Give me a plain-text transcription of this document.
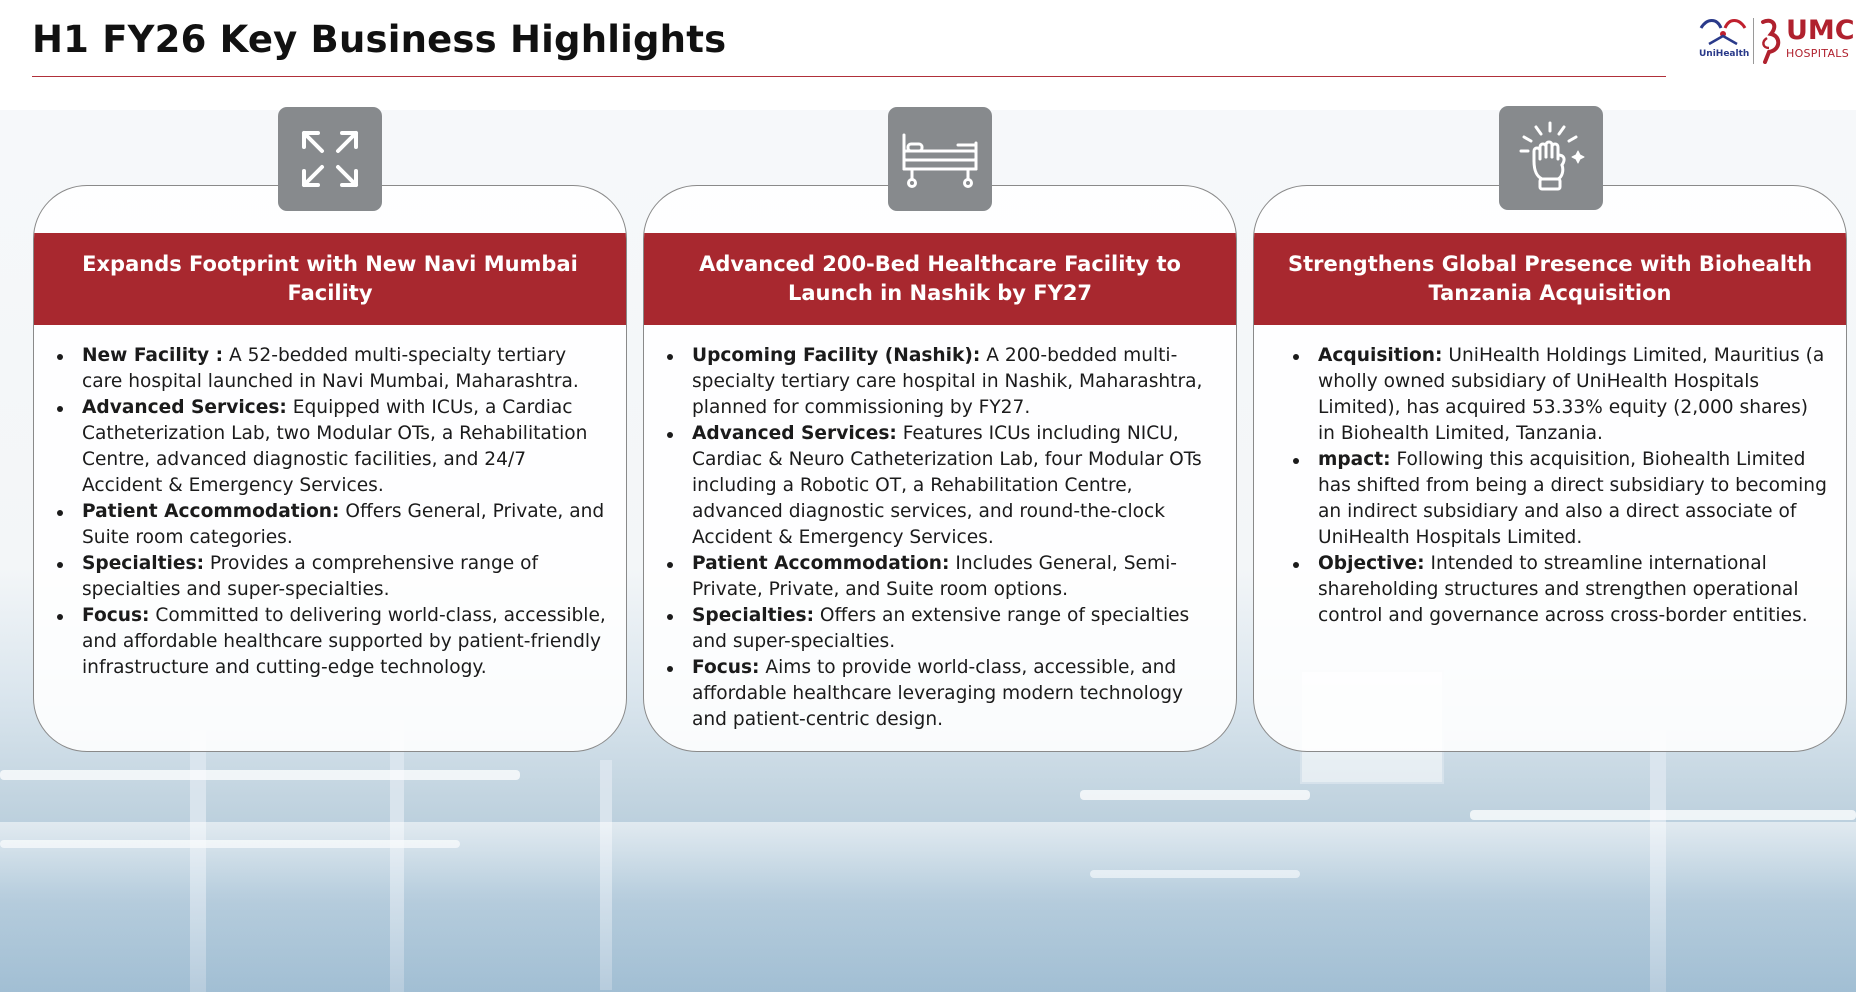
H1 FY26 Key Business Highlights	UniHealth
UMC
HOSPITALS
Expands Footprint with New Navi Mumbai Facility
New Facility : A 52-bedded multi-specialty tertiary care hospital launched in Navi Mumbai, Maharashtra.
Advanced Services: Equipped with ICUs, a Cardiac Catheterization Lab, two Modular OTs, a Rehabilitation Centre, advanced diagnostic facilities, and 24/7 Accident & Emergency Services.
Patient Accommodation: Offers General, Private, and Suite room categories.
Specialties: Provides a comprehensive range of specialties and super-specialties.
Focus: Committed to delivering world-class, accessible, and affordable healthcare supported by patient-friendly infrastructure and cutting-edge technology.
Advanced 200-Bed Healthcare Facility to Launch in Nashik by FY27
Upcoming Facility (Nashik): A 200-bedded multi-specialty tertiary care hospital in Nashik, Maharashtra, planned for commissioning by FY27.
Advanced Services: Features ICUs including NICU, Cardiac & Neuro Catheterization Lab, four Modular OTs including a Robotic OT, a Rehabilitation Centre, advanced diagnostic services, and round-the-clock Accident & Emergency Services.
Patient Accommodation: Includes General, Semi-Private, Private, and Suite room options.
Specialties: Offers an extensive range of specialties and super-specialties.
Focus: Aims to provide world-class, accessible, and affordable healthcare leveraging modern technology and patient-centric design.
Strengthens Global Presence with Biohealth Tanzania Acquisition
Acquisition: UniHealth Holdings Limited, Mauritius (a wholly owned subsidiary of UniHealth Hospitals Limited), has acquired 53.33% equity (2,000 shares) in Biohealth Limited, Tanzania.
mpact: Following this acquisition, Biohealth Limited has shifted from being a direct subsidiary to becoming an indirect subsidiary and also a direct associate of UniHealth Hospitals Limited.
Objective: Intended to streamline international shareholding structures and strengthen operational control and governance across cross-border entities.
